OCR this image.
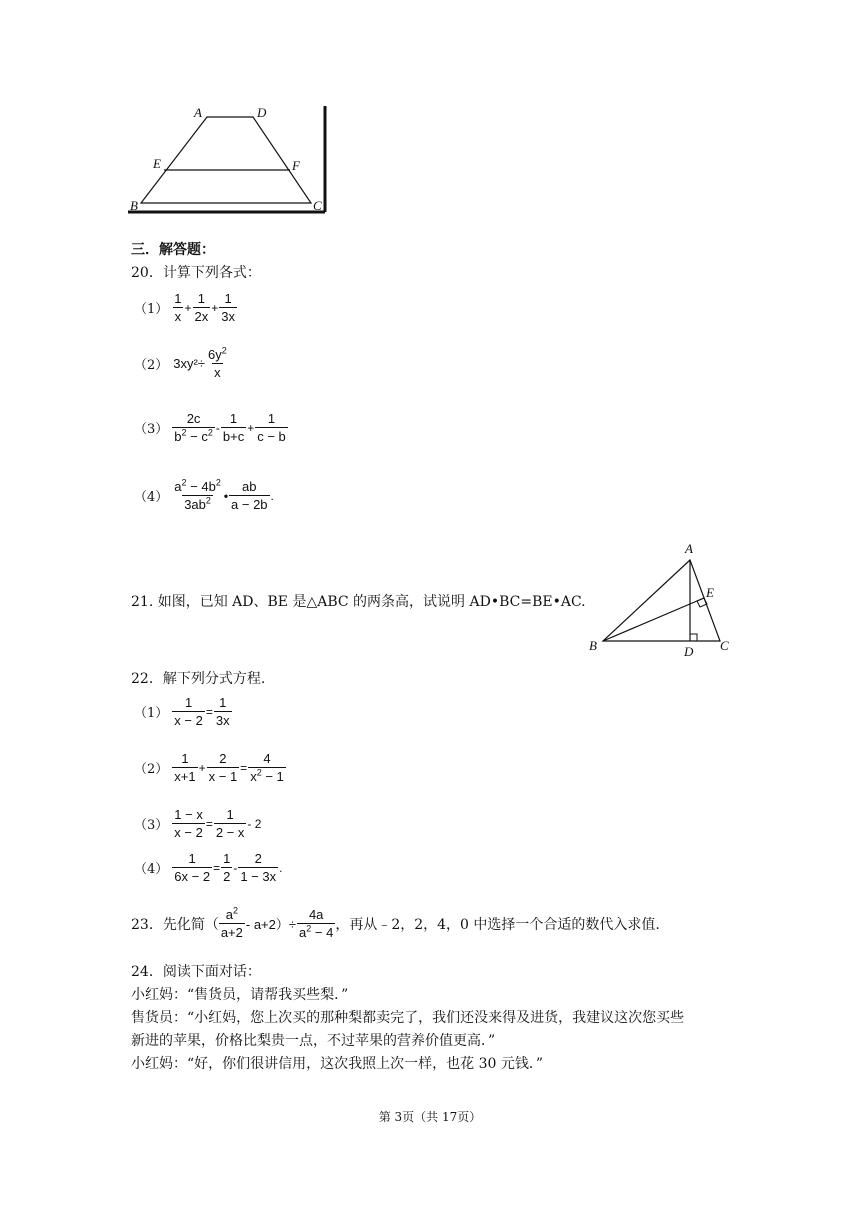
A	D
E	F
B	C
三．解答题：
20．计算下列各式：
$(1) \frac{1}{x} + \frac{1}{2x} + \frac{1}{3x}$
（2） $3xy^2\div \frac{6y^2}{x}$
$(3) \frac{2c}{b^2 - c^2} - \frac{1}{b+c} + \frac{1}{c - b}$
$(4) \frac{a^2 - 4b^2}{3ab^2}$ • $\frac{ab}{a - 2b}$ .
21. 如图，已知 AD、BE 是△ABC 的两条高，试说明 AD•BC=BE•AC.
A
E
B	D C
22．解下列分式方程.
$(1) \frac{1}{x - 2} = \frac{1}{3x}$
$(2) \frac{1}{x+1} + \frac{2}{x - 1} = \frac{4}{x^2 - 1}$
$(3) \frac{1 - x}{x - 2} = \frac{1}{2 - x} - 2$
$(4) \frac{1}{6x - 2} = \frac{1}{2} - \frac{2}{1 - 3x}$ .
23．先化简（ $\frac{a^2}{a+2} - a+2)\div \frac{4a}{a^2 - 4}$ ，再从﹣2，2，4，0 中选择一个合适的数代入求值.
24．阅读下面对话：
小红妈：“售货员，请帮我买些梨．”
售货员：“小红妈，您上次买的那种梨都卖完了，我们还没来得及进货，我建议这次您买些
新进的苹果，价格比梨贵一点，不过苹果的营养价值更高．”
小红妈：“好，你们很讲信用，这次我照上次一样，也花 30 元钱．”
第 3页（共 17页）
